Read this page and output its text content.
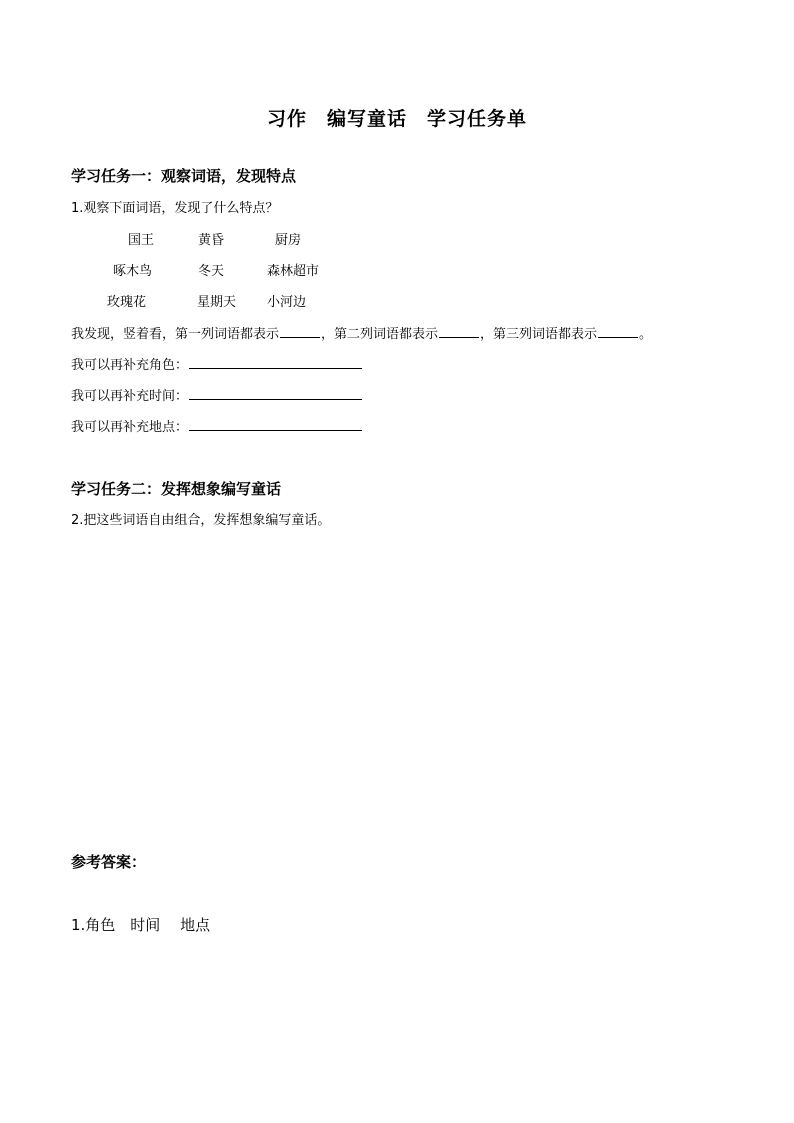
习作 编写童话 学习任务单
学习任务一：观察词语，发现特点
1.观察下面词语，发现了什么特点？
国王	黄昏	厨房
啄木鸟	冬天	森林超市
玫瑰花	星期天 小河边
我发现，竖着看，第一列词语都表示	，第二列词语都表示	，第三列词语都表示	。
我可以再补充角色：
我可以再补充时间：
我可以再补充地点：
学习任务二：发挥想象编写童话
2.把这些词语自由组合，发挥想象编写童话。
参考答案：
1.角色　时间　 地点
